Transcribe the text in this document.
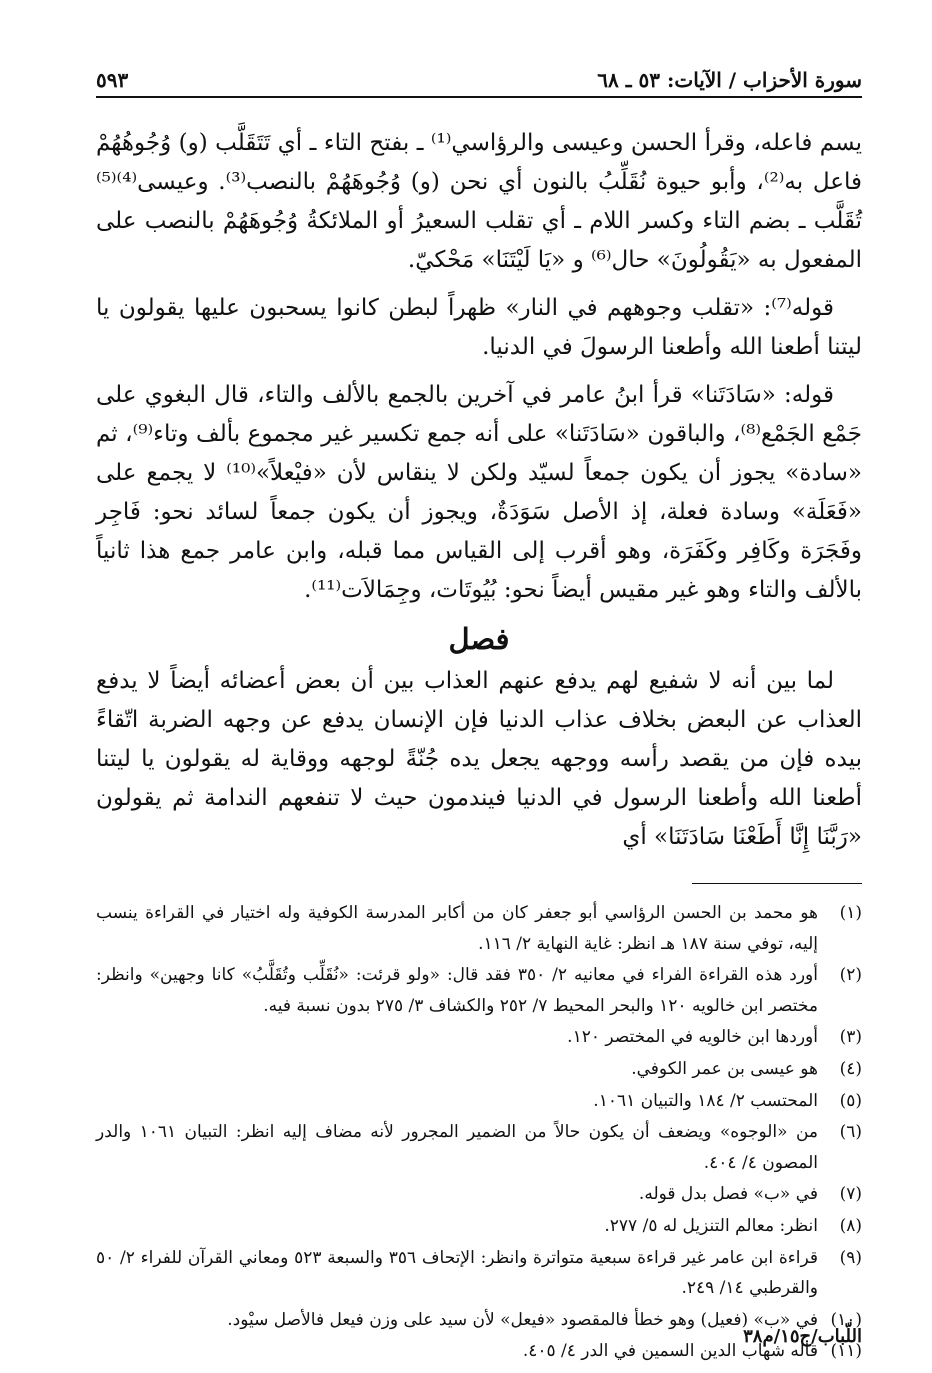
سورة الأحزاب / الآيات: ٥٣ ـ ٦٨
٥٩٣

يسم فاعله، وقرأ الحسن وعيسى والرؤاسي⁽¹⁾ ـ بفتح التاء ـ أي تَتَقَلَّب (و) وُجُوهُهُمْ فاعل به⁽²⁾، وأبو حيوة نُقَلِّبُ بالنون أي نحن (و) وُجُوهَهُمْ بالنصب⁽³⁾. وعيسى⁽⁴⁾⁽⁵⁾ تُقَلَّب ـ بضم التاء وكسر اللام ـ أي تقلب السعيرُ أو الملائكةُ وُجُوهَهُمْ بالنصب على المفعول به «يَقُولُونَ» حال⁽⁶⁾ و «يَا لَيْتَنَا» مَحْكيّ.

قوله⁽⁷⁾: «تقلب وجوههم في النار» ظهراً لبطن كانوا يسحبون عليها يقولون يا ليتنا أطعنا الله وأطعنا الرسولَ في الدنيا.

قوله: «سَادَتَنا» قرأ ابنُ عامر في آخرين بالجمع بالألف والتاء، قال البغوي على جَمْع الجَمْع⁽⁸⁾، والباقون «سَادَتَنا» على أنه جمع تكسير غير مجموع بألف وتاء⁽⁹⁾، ثم «سادة» يجوز أن يكون جمعاً لسيّد ولكن لا ينقاس لأن «فيْعلاً»⁽¹⁰⁾ لا يجمع على «فَعَلَة» وسادة فعلة، إذ الأصل سَوَدَةٌ، ويجوز أن يكون جمعاً لسائد نحو: فَاجِر وفَجَرَة وكَافِر وكَفَرَة، وهو أقرب إلى القياس مما قبله، وابن عامر جمع هذا ثانياً بالألف والتاء وهو غير مقيس أيضاً نحو: بُيُوتَات، وجِمَالاَت⁽¹¹⁾.

فصل

لما بين أنه لا شفيع لهم يدفع عنهم العذاب بين أن بعض أعضائه أيضاً لا يدفع العذاب عن البعض بخلاف عذاب الدنيا فإن الإنسان يدفع عن وجهه الضربة اتّقاءً بيده فإن من يقصد رأسه ووجهه يجعل يده جُنّةً لوجهه ووقاية له يقولون يا ليتنا أطعنا الله وأطعنا الرسول في الدنيا فيندمون حيث لا تنفعهم الندامة ثم يقولون «رَبَّنَا إِنَّا أَطَعْنَا سَادَتَنَا» أي

(١)
هو محمد بن الحسن الرؤاسي أبو جعفر كان من أكابر المدرسة الكوفية وله اختيار في القراءة ينسب إليه، توفي سنة ١٨٧ هـ انظر: غاية النهاية ٢/ ١١٦.
(٢)
أورد هذه القراءة الفراء في معانيه ٢/ ٣٥٠ فقد قال: «ولو قرئت: «نُقَلِّب وتُقَلَّبُ» كانا وجهين» وانظر: مختصر ابن خالويه ١٢٠ والبحر المحيط ٧/ ٢٥٢ والكشاف ٣/ ٢٧٥ بدون نسبة فيه.
(٣)
أوردها ابن خالويه في المختصر ١٢٠.
(٤)
هو عيسى بن عمر الكوفي.
(٥)
المحتسب ٢/ ١٨٤ والتبيان ١٠٦١.
(٦)
من «الوجوه» ويضعف أن يكون حالاً من الضمير المجرور لأنه مضاف إليه انظر: التبيان ١٠٦١ والدر المصون ٤/ ٤٠٤.
(٧)
في «ب» فصل بدل قوله.
(٨)
انظر: معالم التنزيل له ٥/ ٢٧٧.
(٩)
قراءة ابن عامر غير قراءة سبعية متواترة وانظر: الإتحاف ٣٥٦ والسبعة ٥٢٣ ومعاني القرآن للفراء ٢/ ٥٠ والقرطبي ١٤/ ٢٤٩.
(١٠)
في «ب» (فعيل) وهو خطأ فالمقصود «فيعل» لأن سيد على وزن فيعل فالأصل سيْود.
(١١)
قاله شهاب الدين السمين في الدر ٤/ ٤٠٥.
اللّباب/ج١٥/م٣٨
